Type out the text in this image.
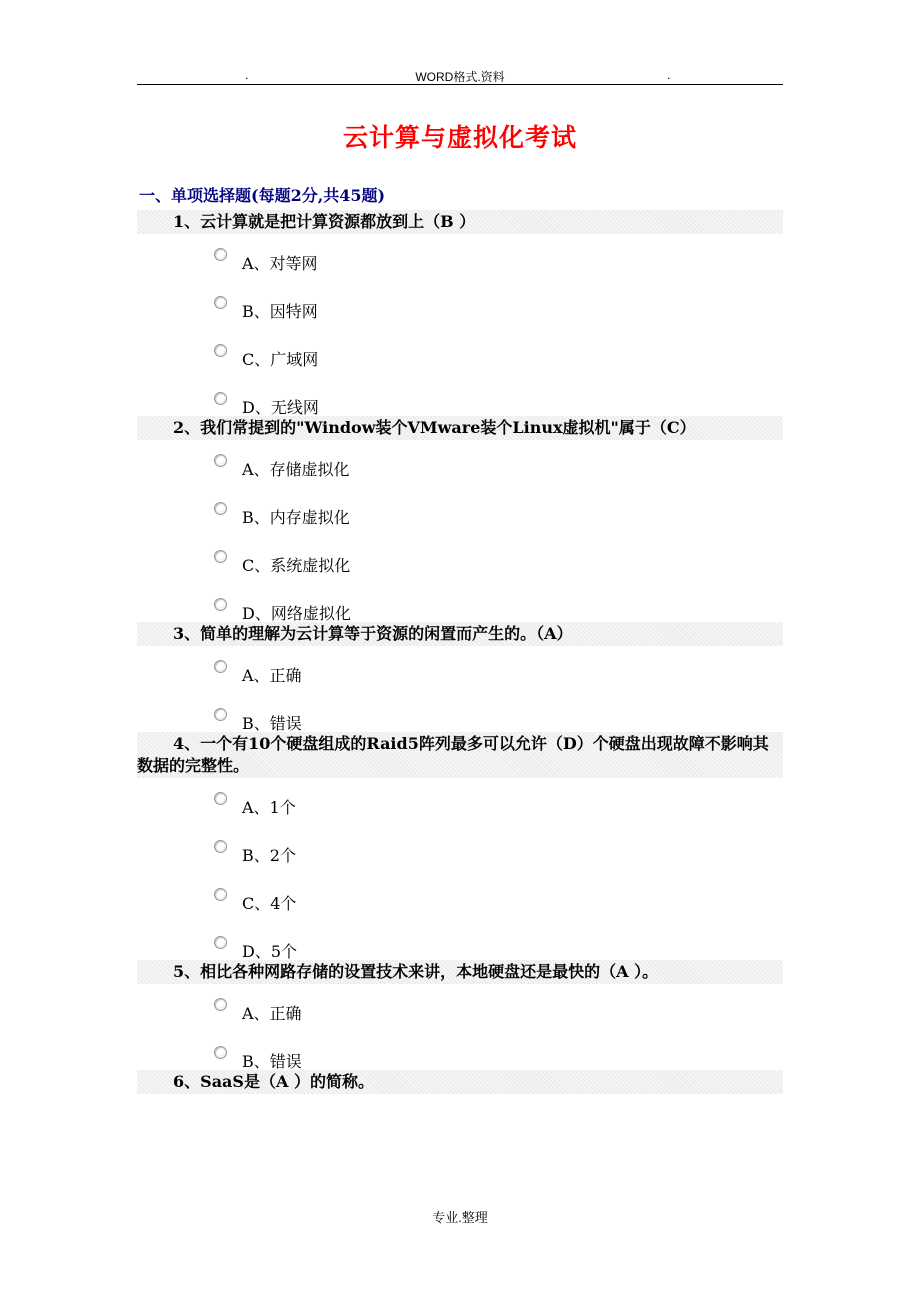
.	WORD格式.资料	.
云计算与虚拟化考试
一、单项选择题(每题2分,共45题)
1、云计算就是把计算资源都放到上（B ）
A、对等网
B、因特网
C、广域网
D、无线网
2、我们常提到的"Window装个VMware装个Linux虚拟机"属于（C）
A、存储虚拟化
B、内存虚拟化
C、系统虚拟化
D、网络虚拟化
3、简单的理解为云计算等于资源的闲置而产生的。（A）
A、正确
B、错误
4、一个有10个硬盘组成的Raid5阵列最多可以允许（D）个硬盘出现故障不影响其数据的完整性。
A、1个
B、2个
C、4个
D、5个
5、相比各种网路存储的设置技术来讲，本地硬盘还是最快的（A ）。
A、正确
B、错误
6、SaaS是（A ）的简称。
专业.整理
